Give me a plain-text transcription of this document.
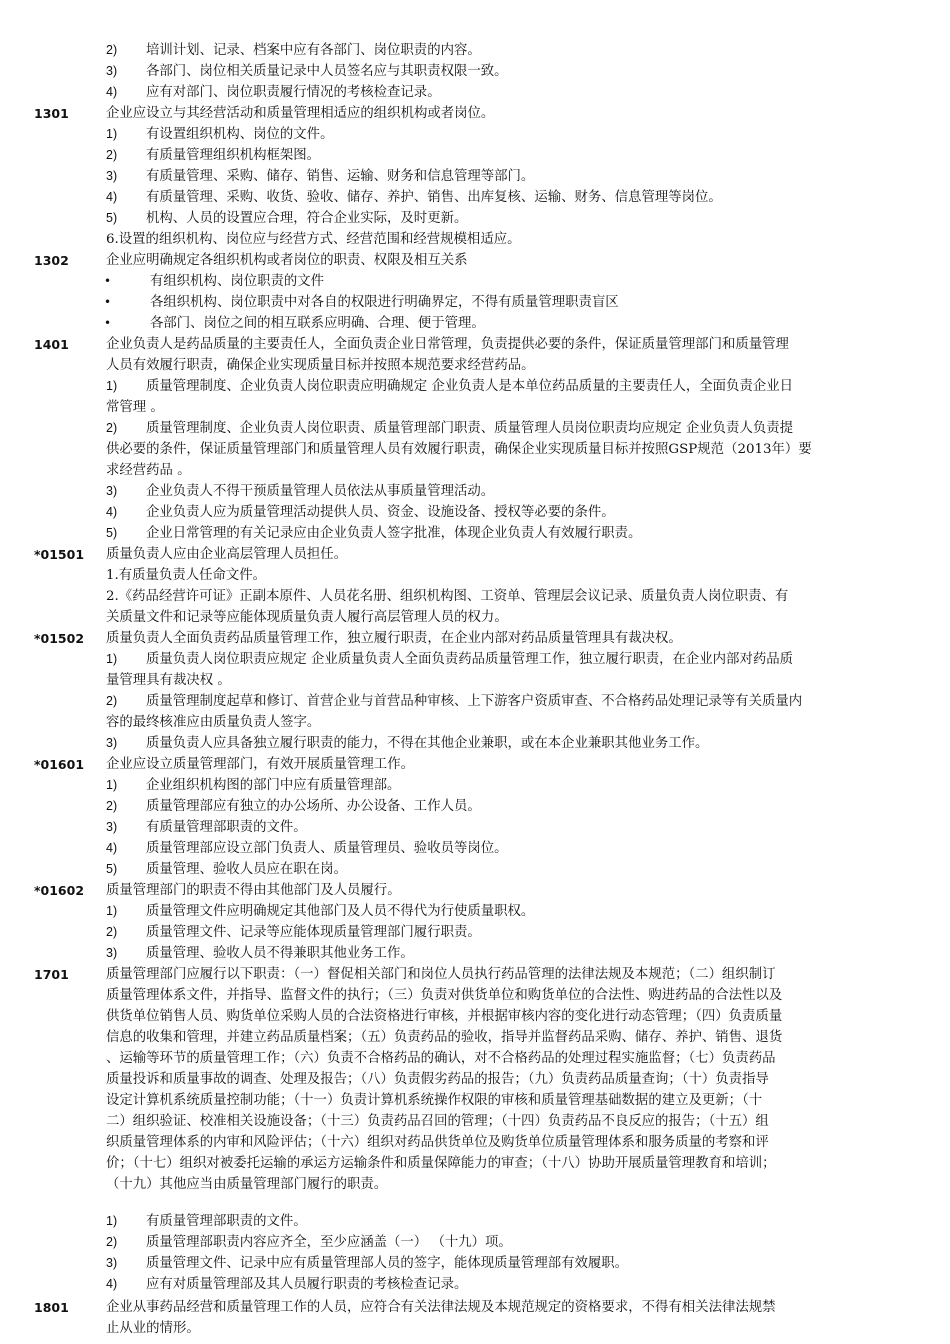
2) 培训计划、记录、档案中应有各部门、岗位职责的内容。
3) 各部门、岗位相关质量记录中人员签名应与其职责权限一致。
4) 应有对部门、岗位职责履行情况的考核检查记录。
1301	企业应设立与其经营活动和质量管理相适应的组织机构或者岗位。
1) 有设置组织机构、岗位的文件。
2) 有质量管理组织机构框架图。
3) 有质量管理、采购、储存、销售、运输、财务和信息管理等部门。
4) 有质量管理、采购、收货、验收、储存、养护、销售、出库复核、运输、财务、信息管理等岗位。
5) 机构、人员的设置应合理，符合企业实际，及时更新。
6.设置的组织机构、岗位应与经营方式、经营范围和经营规模相适应。
1302	企业应明确规定各组织机构或者岗位的职责、权限及相互关系
•	有组织机构、岗位职责的文件
•	各组织机构、岗位职责中对各自的权限进行明确界定，不得有质量管理职责盲区
•	各部门、岗位之间的相互联系应明确、合理、便于管理。
1401	企业负责人是药品质量的主要责任人，全面负责企业日常管理，负责提供必要的条件，保证质量管理部门和质量管理
人员有效履行职责，确保企业实现质量目标并按照本规范要求经营药品。
1) 质量管理制度、企业负责人岗位职责应明确规定 企业负责人是本单位药品质量的主要责任人，全面负责企业日
常管理 。
2) 质量管理制度、企业负责人岗位职责、质量管理部门职责、质量管理人员岗位职责均应规定 企业负责人负责提
供必要的条件，保证质量管理部门和质量管理人员有效履行职责，确保企业实现质量目标并按照GSP规范（2013年）要
求经营药品 。
3) 企业负责人不得干预质量管理人员依法从事质量管理活动。
4) 企业负责人应为质量管理活动提供人员、资金、设施设备、授权等必要的条件。
5) 企业日常管理的有关记录应由企业负责人签字批准，体现企业负责人有效履行职责。
*01501 质量负责人应由企业高层管理人员担任。
1.有质量负责人任命文件。
2.《药品经营许可证》正副本原件、人员花名册、组织机构图、工资单、管理层会议记录、质量负责人岗位职责、有
关质量文件和记录等应能体现质量负责人履行高层管理人员的权力。
*01502 质量负责人全面负责药品质量管理工作，独立履行职责，在企业内部对药品质量管理具有裁决权。
1) 质量负责人岗位职责应规定 企业质量负责人全面负责药品质量管理工作，独立履行职责，在企业内部对药品质
量管理具有裁决权 。
2) 质量管理制度起草和修订、首营企业与首营品种审核、上下游客户资质审查、不合格药品处理记录等有关质量内
容的最终核准应由质量负责人签字。
3) 质量负责人应具备独立履行职责的能力，不得在其他企业兼职，或在本企业兼职其他业务工作。
*01601 企业应设立质量管理部门，有效开展质量管理工作。
1) 企业组织机构图的部门中应有质量管理部。
2) 质量管理部应有独立的办公场所、办公设备、工作人员。
3) 有质量管理部职责的文件。
4) 质量管理部应设立部门负责人、质量管理员、验收员等岗位。
5) 质量管理、验收人员应在职在岗。
*01602 质量管理部门的职责不得由其他部门及人员履行。
1) 质量管理文件应明确规定其他部门及人员不得代为行使质量职权。
2) 质量管理文件、记录等应能体现质量管理部门履行职责。
3) 质量管理、验收人员不得兼职其他业务工作。
1701	质量管理部门应履行以下职责：（一）督促相关部门和岗位人员执行药品管理的法律法规及本规范；（二）组织制订
质量管理体系文件，并指导、监督文件的执行；（三）负责对供货单位和购货单位的合法性、购进药品的合法性以及
供货单位销售人员、购货单位采购人员的合法资格进行审核，并根据审核内容的变化进行动态管理；（四）负责质量
信息的收集和管理，并建立药品质量档案；（五）负责药品的验收，指导并监督药品采购、储存、养护、销售、退货
、运输等环节的质量管理工作；（六）负责不合格药品的确认，对不合格药品的处理过程实施监督；（七）负责药品
质量投诉和质量事故的调查、处理及报告；（八）负责假劣药品的报告；（九）负责药品质量查询；（十）负责指导
设定计算机系统质量控制功能；（十一）负责计算机系统操作权限的审核和质量管理基础数据的建立及更新；（十
二）组织验证、校准相关设施设备；（十三）负责药品召回的管理；（十四）负责药品不良反应的报告；（十五）组
织质量管理体系的内审和风险评估；（十六）组织对药品供货单位及购货单位质量管理体系和服务质量的考察和评
价；（十七）组织对被委托运输的承运方运输条件和质量保障能力的审查；（十八）协助开展质量管理教育和培训；
（十九）其他应当由质量管理部门履行的职责。
1) 有质量管理部职责的文件。
2) 质量管理部职责内容应齐全，至少应涵盖（一） （十九）项。
3) 质量管理文件、记录中应有质量管理部人员的签字，能体现质量管理部有效履职。
4) 应有对质量管理部及其人员履行职责的考核检查记录。
1801	企业从事药品经营和质量管理工作的人员，应符合有关法律法规及本规范规定的资格要求，不得有相关法律法规禁
止从业的情形。
